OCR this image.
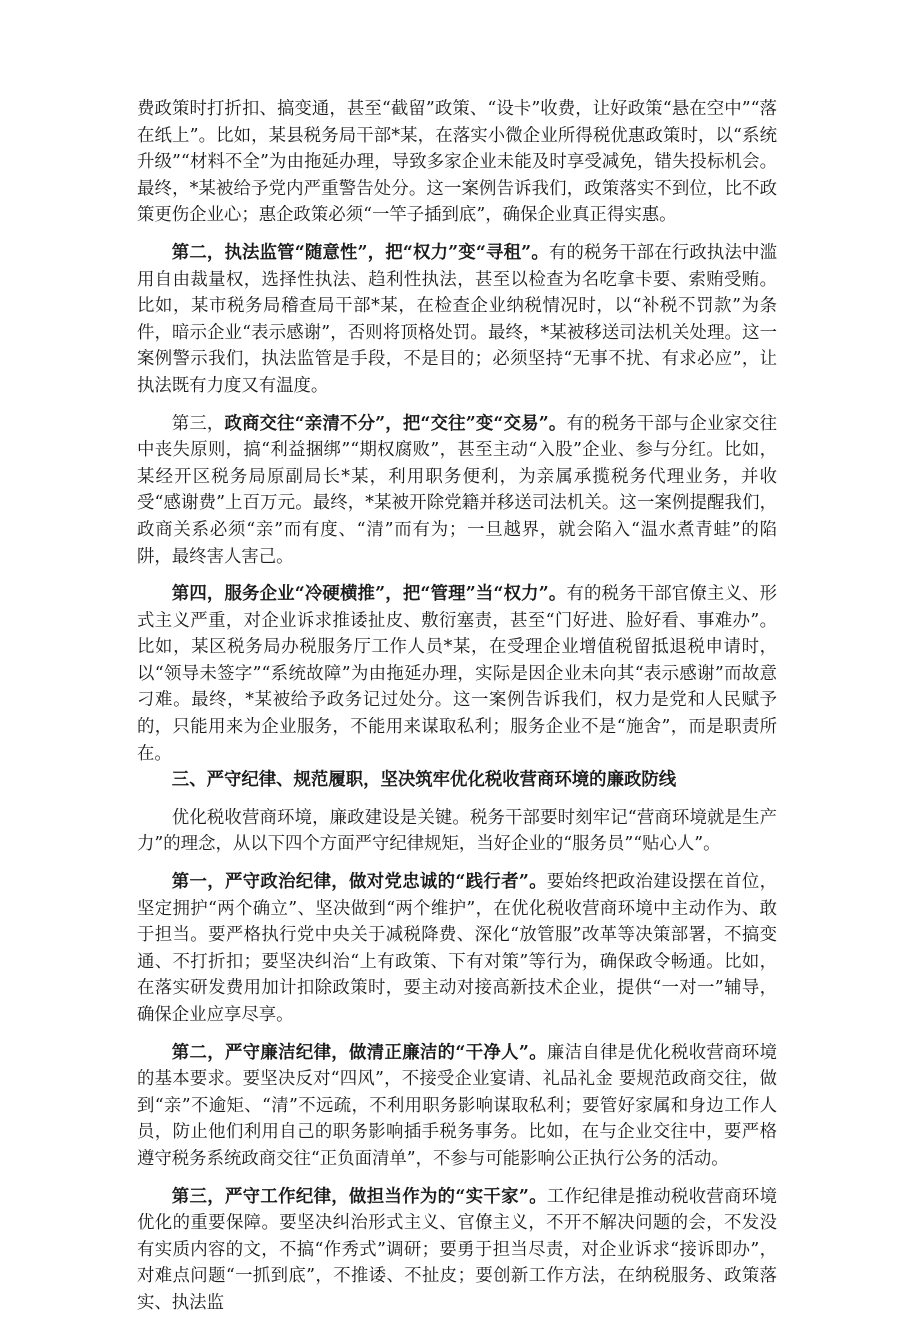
费政策时打折扣、搞变通，甚至“截留”政策、“设卡”收费，让好政策“悬在空中”“落在纸上”。比如，某县税务局干部*某，在落实小微企业所得税优惠政策时，以“系统升级”“材料不全”为由拖延办理，导致多家企业未能及时享受减免，错失投标机会。最终，*某被给予党内严重警告处分。这一案例告诉我们，政策落实不到位，比不政策更伤企业心；惠企政策必须“一竿子插到底”，确保企业真正得实惠。

第二，执法监管“随意性”，把“权力”变“寻租”。有的税务干部在行政执法中滥用自由裁量权，选择性执法、趋利性执法，甚至以检查为名吃拿卡要、索贿受贿。比如，某市税务局稽查局干部*某，在检查企业纳税情况时，以“补税不罚款”为条件，暗示企业“表示感谢”，否则将顶格处罚。最终，*某被移送司法机关处理。这一案例警示我们，执法监管是手段，不是目的；必须坚持“无事不扰、有求必应”，让执法既有力度又有温度。

第三，政商交往“亲清不分”，把“交往”变“交易”。有的税务干部与企业家交往中丧失原则，搞“利益捆绑”“期权腐败”，甚至主动“入股”企业、参与分红。比如，某经开区税务局原副局长*某，利用职务便利，为亲属承揽税务代理业务，并收受“感谢费”上百万元。最终，*某被开除党籍并移送司法机关。这一案例提醒我们，政商关系必须“亲”而有度、“清”而有为；一旦越界，就会陷入“温水煮青蛙”的陷阱，最终害人害己。

第四，服务企业“冷硬横推”，把“管理”当“权力”。有的税务干部官僚主义、形式主义严重，对企业诉求推诿扯皮、敷衍塞责，甚至“门好进、脸好看、事难办”。比如，某区税务局办税服务厅工作人员*某，在受理企业增值税留抵退税申请时，以“领导未签字”“系统故障”为由拖延办理，实际是因企业未向其“表示感谢”而故意刁难。最终，*某被给予政务记过处分。这一案例告诉我们，权力是党和人民赋予的，只能用来为企业服务，不能用来谋取私利；服务企业不是“施舍”，而是职责所在。

三、严守纪律、规范履职，坚决筑牢优化税收营商环境的廉政防线

优化税收营商环境，廉政建设是关键。税务干部要时刻牢记“营商环境就是生产力”的理念，从以下四个方面严守纪律规矩，当好企业的“服务员”“贴心人”。

第一，严守政治纪律，做对党忠诚的“践行者”。要始终把政治建设摆在首位，坚定拥护“两个确立”、坚决做到“两个维护”，在优化税收营商环境中主动作为、敢于担当。要严格执行党中央关于减税降费、深化“放管服”改革等决策部署，不搞变通、不打折扣；要坚决纠治“上有政策、下有对策”等行为，确保政令畅通。比如，在落实研发费用加计扣除政策时，要主动对接高新技术企业，提供“一对一”辅导，确保企业应享尽享。

第二，严守廉洁纪律，做清正廉洁的“干净人”。廉洁自律是优化税收营商环境的基本要求。要坚决反对“四风”，不接受企业宴请、礼品礼金 要规范政商交往，做到“亲”不逾矩、“清”不远疏，不利用职务影响谋取私利；要管好家属和身边工作人员，防止他们利用自己的职务影响插手税务事务。比如，在与企业交往中，要严格遵守税务系统政商交往“正负面清单”，不参与可能影响公正执行公务的活动。

第三，严守工作纪律，做担当作为的“实干家”。工作纪律是推动税收营商环境优化的重要保障。要坚决纠治形式主义、官僚主义，不开不解决问题的会，不发没有实质内容的文，不搞“作秀式”调研；要勇于担当尽责，对企业诉求“接诉即办”，对难点问题“一抓到底”，不推诿、不扯皮；要创新工作方法，在纳税服务、政策落实、执法监
